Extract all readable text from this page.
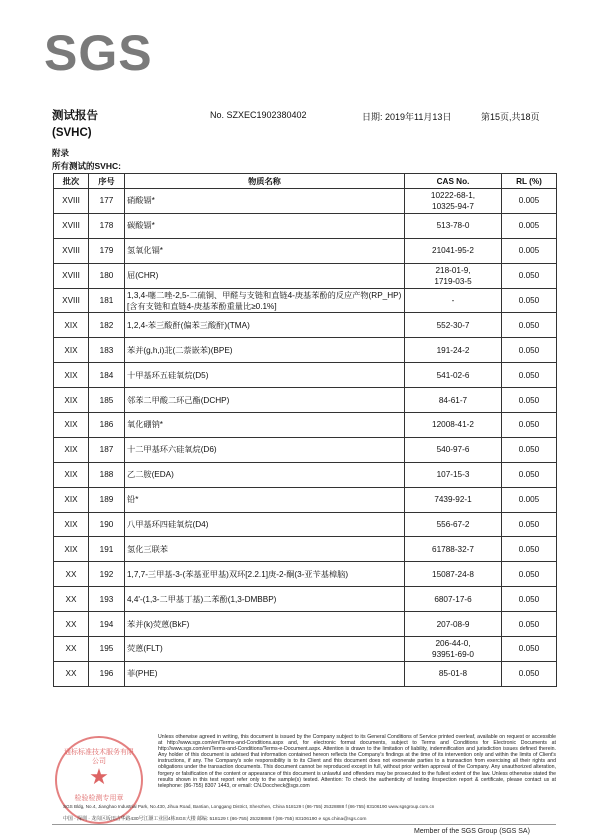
SGS
测试报告
(SVHC)
No. SZXEC1902380402	日期: 2019年11月13日	第15页,共18页
附录
所有测试的SVHC:
批次	序号	物质名称	CAS No.	RL (%)
XVIII	177	硝酸镉*	10222-68-1,
10325-94-7	0.005
XVIII	178	碳酸镉*	513-78-0	0.005
XVIII	179	氢氧化镉*	21041-95-2	0.005
XVIII	180	屈(CHR)	218-01-9,
1719-03-5	0.050
XVIII	181	1,3,4-噻二唑-2,5-二硫铜、甲醛与支链和直链4-庚基苯酚的反应产物(RP_HP)[含有支链和直链4-庚基苯酚重量比≥0.1%]	-	0.050
XIX	182	1,2,4-苯三酸酐(偏苯三酸酐)(TMA)	552-30-7	0.050
XIX	183	苯并(g,h,i)苝(二萘嵌苯)(BPE)	191-24-2	0.050
XIX	184	十甲基环五硅氧烷(D5)	541-02-6	0.050
XIX	185	邻苯二甲酸二环己酯(DCHP)	84-61-7	0.050
XIX	186	氧化硼钠*	12008-41-2	0.050
XIX	187	十二甲基环六硅氧烷(D6)	540-97-6	0.050
XIX	188	乙二胺(EDA)	107-15-3	0.050
XIX	189	铅*	7439-92-1	0.005
XIX	190	八甲基环四硅氧烷(D4)	556-67-2	0.050
XIX	191	氢化三联苯	61788-32-7	0.050
XX	192	1,7,7-三甲基-3-(苯基亚甲基)双环[2.2.1]庚-2-酮(3-亚苄基樟脑)	15087-24-8	0.050
XX	193	4,4'-(1,3-二甲基丁基)二苯酚(1,3-DMBBP)	6807-17-6	0.050
XX	194	苯并(k)荧蒽(BkF)	207-08-9	0.050
XX	195	荧蒽(FLT)	206-44-0,
93951-69-0	0.050
XX	196	菲(PHE)	85-01-8	0.050
通标标准技术服务有限公司
★
检验检测专用章
Unless otherwise agreed in writing, this document is issued by the Company subject to its General Conditions of Service printed overleaf, available on request or accessible at http://www.sgs.com/en/Terms-and-Conditions.aspx and, for electronic format documents, subject to Terms and Conditions for Electronic Documents at http://www.sgs.com/en/Terms-and-Conditions/Terms-e-Document.aspx. Attention is drawn to the limitation of liability, indemnification and jurisdiction issues defined therein. Any holder of this document is advised that information contained hereon reflects the Company's findings at the time of its intervention only and within the limits of Client's instructions, if any. The Company's sole responsibility is to its Client and this document does not exonerate parties to a transaction from exercising all their rights and obligations under the transaction documents. This document cannot be reproduced except in full, without prior written approval of the Company. Any unauthorized alteration, forgery or falsification of the content or appearance of this document is unlawful and offenders may be prosecuted to the fullest extent of the law. Unless otherwise stated the results shown in this test report refer only to the sample(s) tested. Attention: To check the authenticity of testing /inspection report & certificate, please contact us at telephone: (86-755) 8307 1443, or email: CN.Doccheck@sgs.com
SGS Bldg, No.4, Jianghao Industrial Park, No.430, Jihua Road, Bantian, Longgang District, Shenzhen, China 518129 t (86-755) 25328888 f (86-755) 83106190 www.sgsgroup.com.cn
中国 · 深圳 · 龙岗区坂田吉华路430号江灏工业园4栋SGS大楼 邮编: 518129 t (86-755) 25328888 f (86-755) 83106190 e sgs.china@sgs.com
Member of the SGS Group (SGS SA)
